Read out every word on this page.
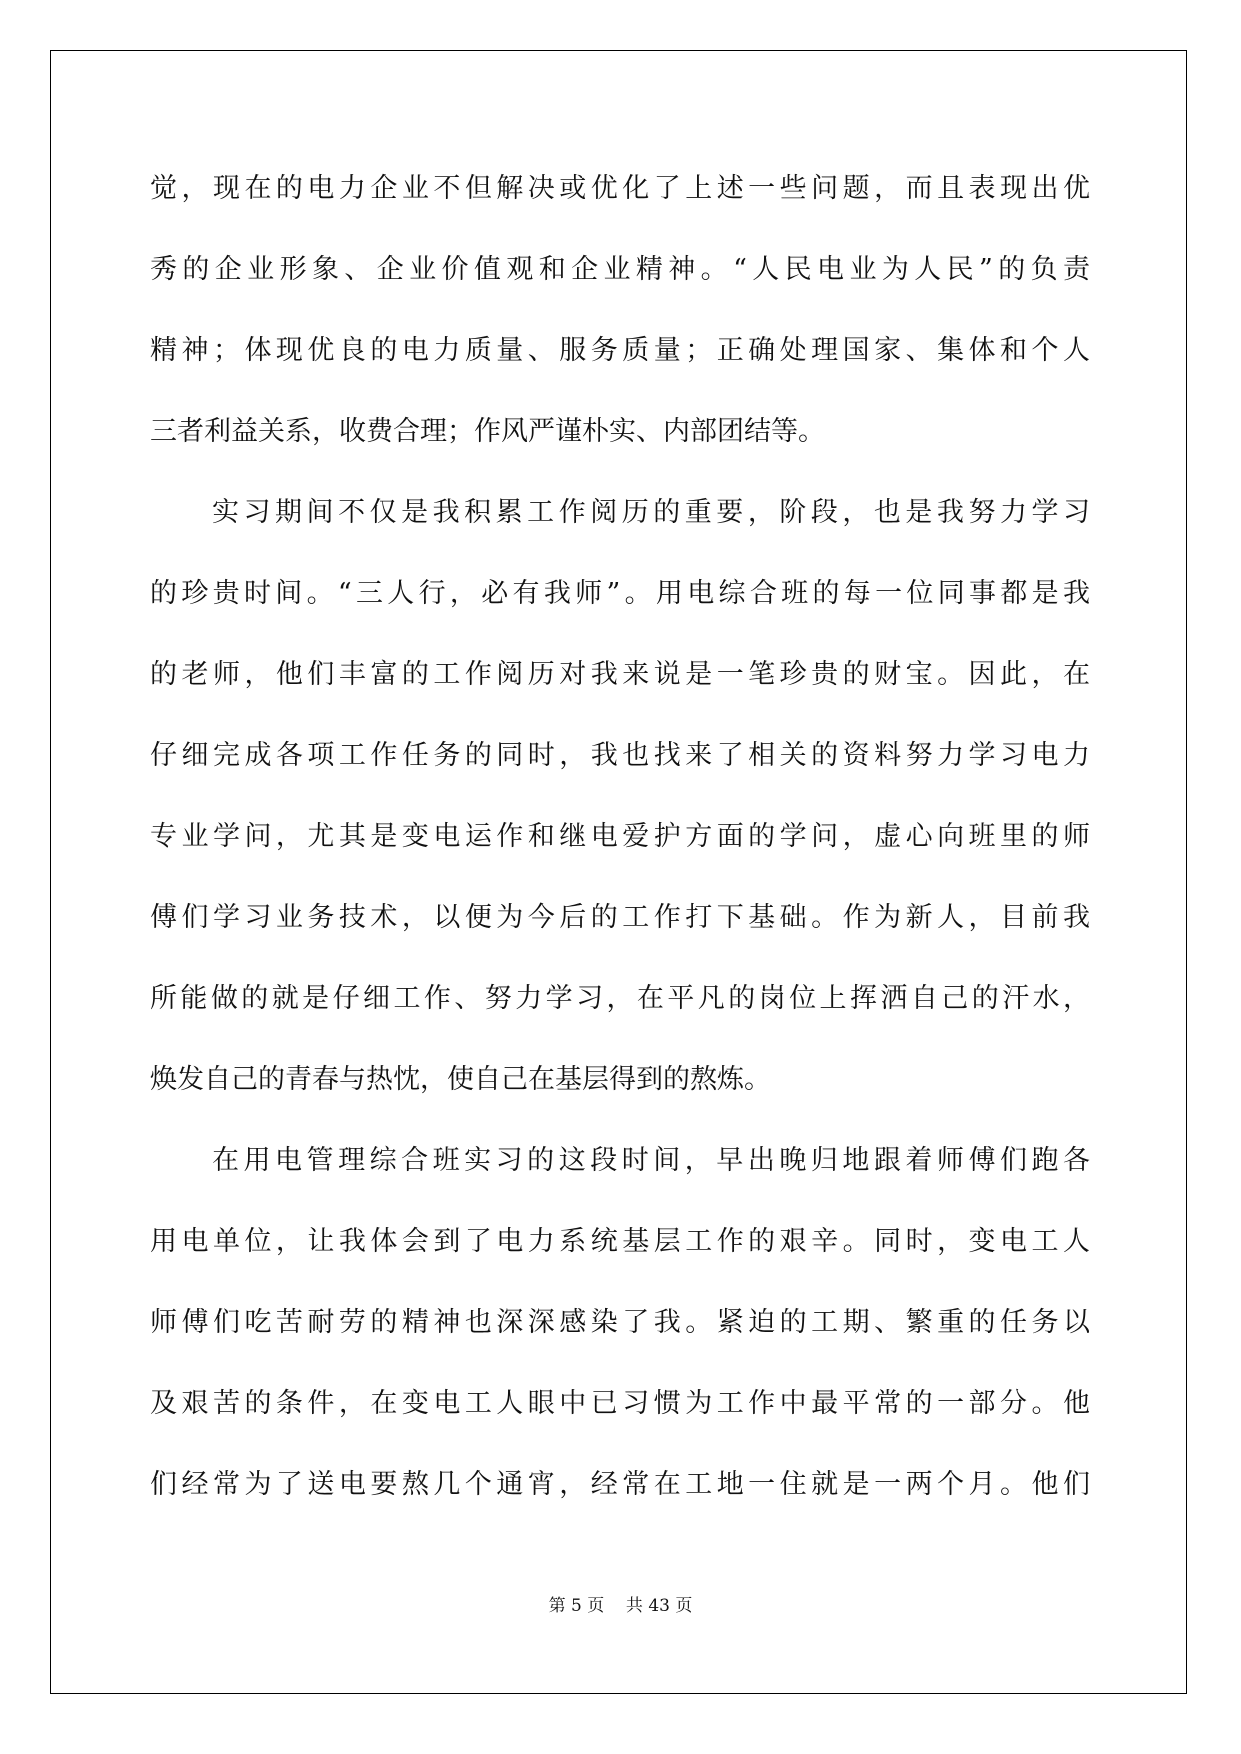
觉，现在的电力企业不但解决或优化了上述一些问题，而且表现出优
秀的企业形象、企业价值观和企业精神。“人民电业为人民”的负责
精神；体现优良的电力质量、服务质量；正确处理国家、集体和个人
三者利益关系，收费合理；作风严谨朴实、内部团结等。
实习期间不仅是我积累工作阅历的重要，阶段，也是我努力学习
的珍贵时间。“三人行，必有我师”。用电综合班的每一位同事都是我
的老师，他们丰富的工作阅历对我来说是一笔珍贵的财宝。因此，在
仔细完成各项工作任务的同时，我也找来了相关的资料努力学习电力
专业学问，尤其是变电运作和继电爱护方面的学问，虚心向班里的师
傅们学习业务技术，以便为今后的工作打下基础。作为新人，目前我
所能做的就是仔细工作、努力学习，在平凡的岗位上挥洒自己的汗水，
焕发自己的青春与热忱，使自己在基层得到的熬炼。
在用电管理综合班实习的这段时间，早出晚归地跟着师傅们跑各
用电单位，让我体会到了电力系统基层工作的艰辛。同时，变电工人
师傅们吃苦耐劳的精神也深深感染了我。紧迫的工期、繁重的任务以
及艰苦的条件，在变电工人眼中已习惯为工作中最平常的一部分。他
们经常为了送电要熬几个通宵，经常在工地一住就是一两个月。他们
第 5 页 共 43 页
